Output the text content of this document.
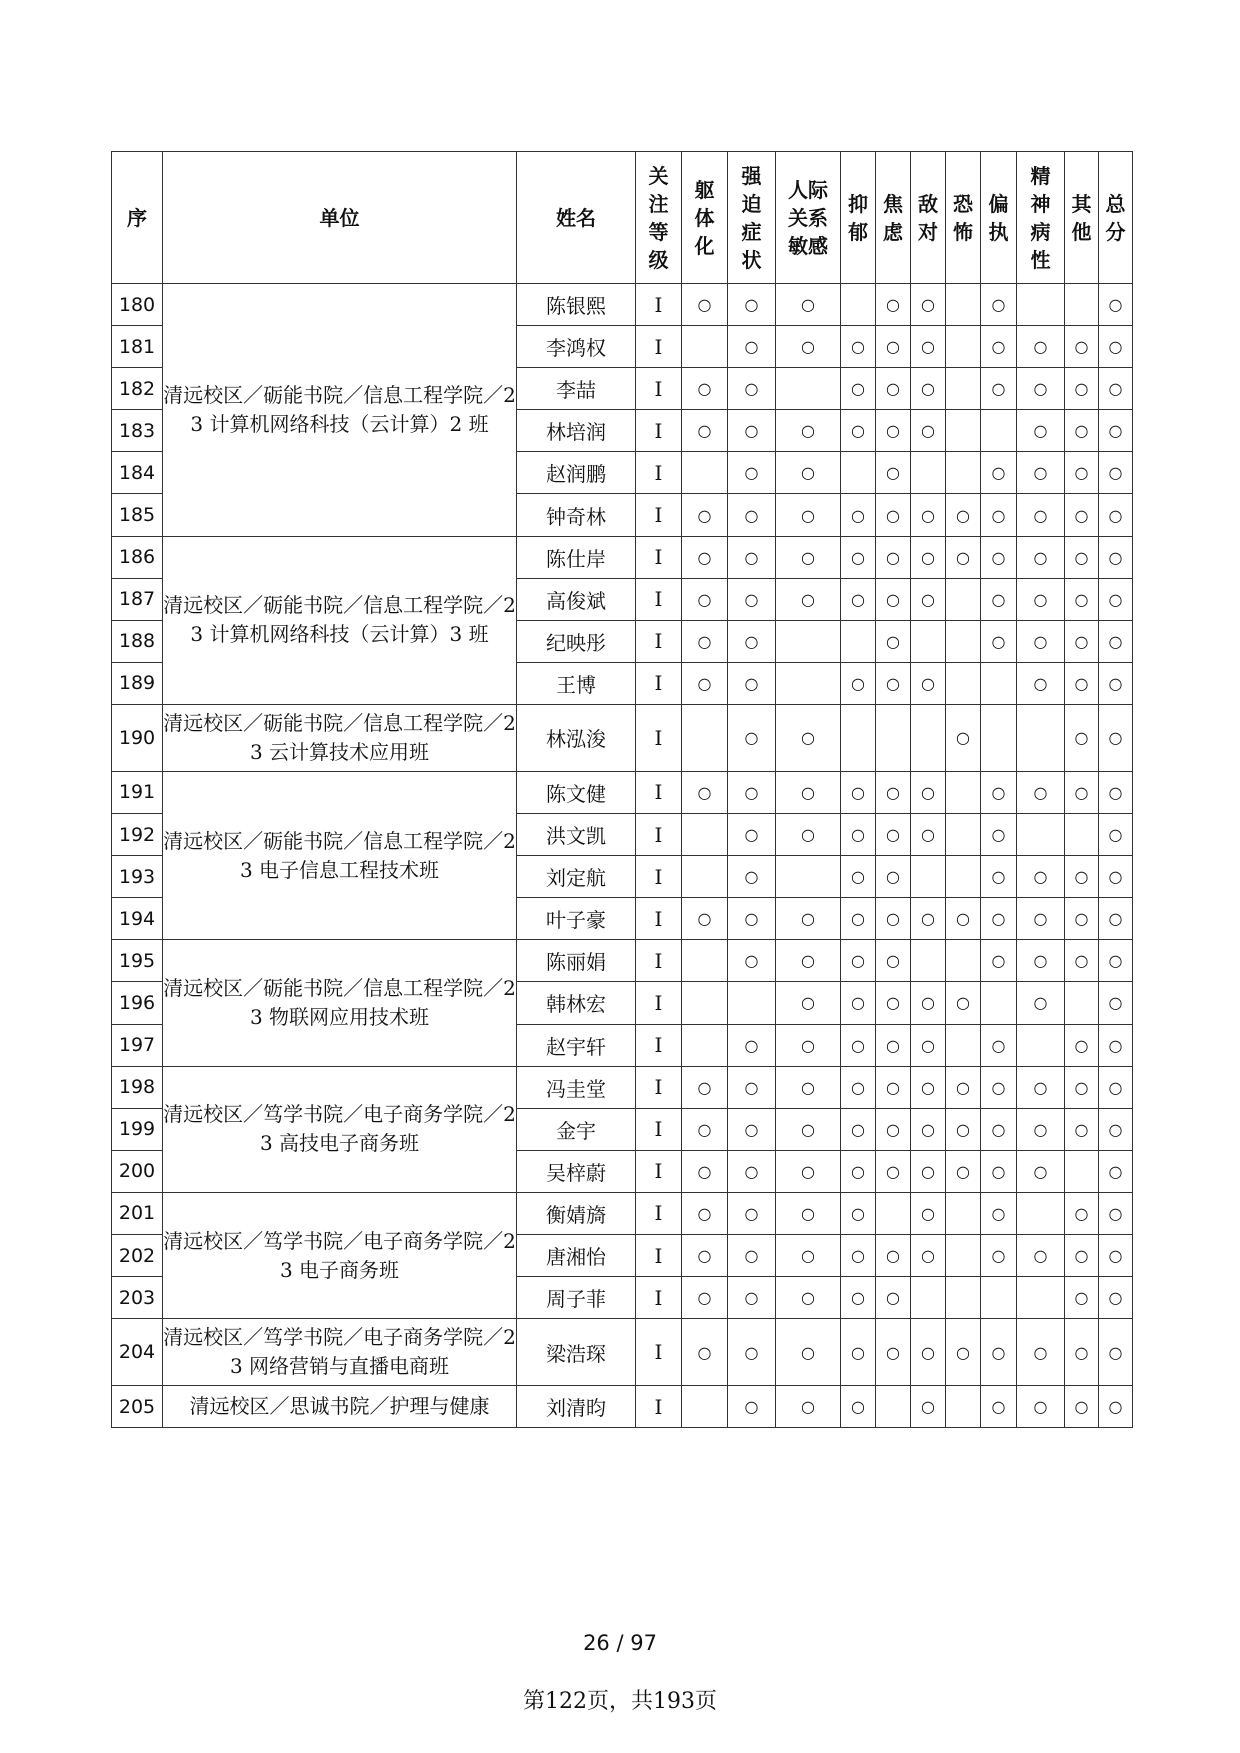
序	单位	姓名	关注等级	躯体化	强迫症状	人际关系敏感	抑郁	焦虑	敌对	恐怖	偏执	精神病性	其他	总分
180	清远校区／砺能书院／信息工程学院／23 计算机网络科技（云计算）2 班	陈银熙	Ⅰ	○	○	○		○	○		○			○
181		李鸿权	Ⅰ		○	○	○	○	○		○	○	○	○
182		李喆	Ⅰ	○	○		○	○	○		○	○	○	○
183		林培润	Ⅰ	○	○	○	○	○	○			○	○	○
184		赵润鹏	Ⅰ		○	○		○			○	○	○	○
185		钟奇林	Ⅰ	○	○	○	○	○	○	○	○	○	○	○
186	清远校区／砺能书院／信息工程学院／23 计算机网络科技（云计算）3 班	陈仕岸	Ⅰ	○	○	○	○	○	○	○	○	○	○	○
187		高俊斌	Ⅰ	○	○	○	○	○	○		○	○	○	○
188		纪映彤	Ⅰ	○	○			○			○	○	○	○
189		王博	Ⅰ	○	○		○	○	○			○	○	○
190	清远校区／砺能书院／信息工程学院／23 云计算技术应用班	林泓浚	Ⅰ		○	○				○			○	○
191	清远校区／砺能书院／信息工程学院／23 电子信息工程技术班	陈文健	Ⅰ	○	○	○	○	○	○		○	○	○	○
192		洪文凯	Ⅰ		○	○	○	○	○		○			○
193		刘定航	Ⅰ		○		○	○			○	○	○	○
194		叶子豪	Ⅰ	○	○	○	○	○	○	○	○	○	○	○
195	清远校区／砺能书院／信息工程学院／23 物联网应用技术班	陈丽娟	Ⅰ		○	○	○	○			○	○	○	○
196		韩林宏	Ⅰ			○	○	○	○	○		○		○
197		赵宇轩	Ⅰ		○	○	○	○	○		○		○	○
198	清远校区／笃学书院／电子商务学院／23 高技电子商务班	冯圭堂	Ⅰ	○	○	○	○	○	○	○	○	○	○	○
199		金宇	Ⅰ	○	○	○	○	○	○	○	○	○	○	○
200		吴梓蔚	Ⅰ	○	○	○	○	○	○	○	○	○		○
201	清远校区／笃学书院／电子商务学院／23 电子商务班	衡婧旖	Ⅰ	○	○	○	○		○		○		○	○
202		唐湘怡	Ⅰ	○	○	○	○	○	○		○	○	○	○
203		周子菲	Ⅰ	○	○	○	○	○					○	○
204	清远校区／笃学书院／电子商务学院／23 网络营销与直播电商班	梁浩琛	Ⅰ	○	○	○	○	○	○	○	○	○	○	○
205	清远校区／思诚书院／护理与健康	刘清昀	Ⅰ		○	○	○		○		○	○	○	○
26 / 97
第122页，共193页
